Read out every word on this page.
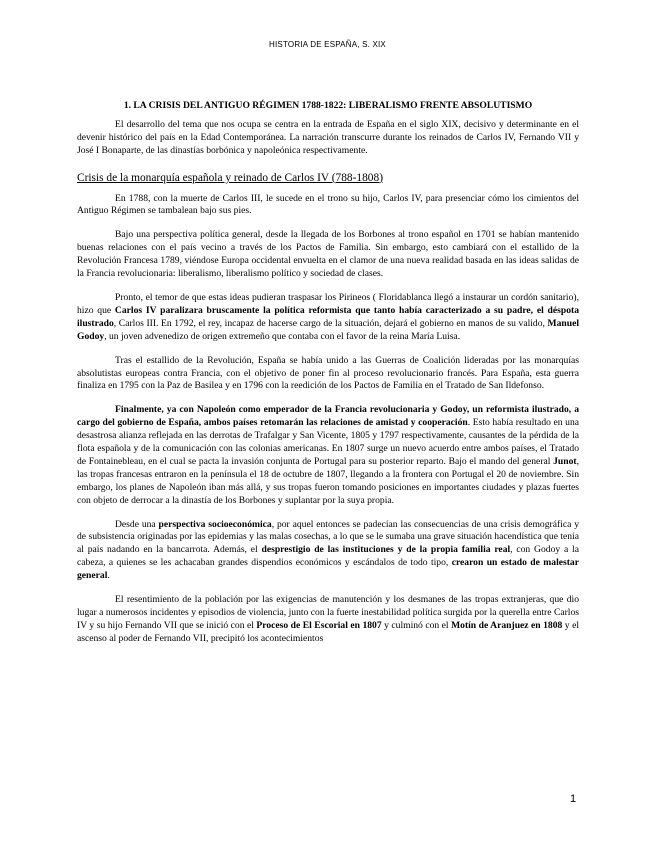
HISTORIA DE ESPAÑA, S. XIX
1. LA CRISIS DEL ANTIGUO RÉGIMEN 1788-1822: LIBERALISMO FRENTE ABSOLUTISMO

El desarrollo del tema que nos ocupa se centra en la entrada de España en el siglo XIX, decisivo y determinante en el devenir histórico del país en la Edad Contemporánea. La narración transcurre durante los reinados de Carlos IV, Fernando VII y José I Bonaparte, de las dinastías borbónica y napoleónica respectivamente.

Crisis de la monarquía española y reinado de Carlos IV (788-1808)

En 1788, con la muerte de Carlos III, le sucede en el trono su hijo, Carlos IV, para presenciar cómo los cimientos del Antiguo Régimen se tambalean bajo sus pies.

Bajo una perspectiva política general, desde la llegada de los Borbones al trono español en 1701 se habían mantenido buenas relaciones con el país vecino a través de los Pactos de Familia. Sin embargo, esto cambiará con el estallido de la Revolución Francesa 1789, viéndose Europa occidental envuelta en el clamor de una nueva realidad basada en las ideas salidas de la Francia revolucionaria: liberalismo, liberalismo político y sociedad de clases.

Pronto, el temor de que estas ideas pudieran traspasar los Pirineos ( Floridablanca llegó a instaurar un cordón sanitario), hizo que Carlos IV paralizara bruscamente la política reformista que tanto había caracterizado a su padre, el déspota ilustrado, Carlos III. En 1792, el rey, incapaz de hacerse cargo de la situación, dejará el gobierno en manos de su valido, Manuel Godoy, un joven advenedizo de origen extremeño que contaba con el favor de la reina María Luisa.

Tras el estallido de la Revolución, España se había unido a las Guerras de Coalición lideradas por las monarquías absolutistas europeas contra Francia, con el objetivo de poner fin al proceso revolucionario francés. Para España, esta guerra finaliza en 1795 con la Paz de Basilea y en 1796 con la reedición de los Pactos de Familia en el Tratado de San Ildefonso.

Finalmente, ya con Napoleón como emperador de la Francia revolucionaria y Godoy, un reformista ilustrado, a cargo del gobierno de España, ambos países retomarán las relaciones de amistad y cooperación. Esto había resultado en una desastrosa alianza reflejada en las derrotas de Trafalgar y San Vicente, 1805 y 1797 respectivamente, causantes de la pérdida de la flota española y de la comunicación con las colonias americanas. En 1807 surge un nuevo acuerdo entre ambos países, el Tratado de Fontainebleau, en el cual se pacta la invasión conjunta de Portugal para su posterior reparto. Bajo el mando del general Junot, las tropas francesas entraron en la península el 18 de octubre de 1807, llegando a la frontera con Portugal el 20 de noviembre. Sin embargo, los planes de Napoleón iban más allá, y sus tropas fueron tomando posiciones en importantes ciudades y plazas fuertes con objeto de derrocar a la dinastía de los Borbones y suplantar por la suya propia.

Desde una perspectiva socioeconómica, por aquel entonces se padecían las consecuencias de una crisis demográfica y de subsistencia originadas por las epidemias y las malas cosechas, a lo que se le sumaba una grave situación hacendística que tenía al país nadando en la bancarrota. Además, el desprestigio de las instituciones y de la propia familia real, con Godoy a la cabeza, a quienes se les achacaban grandes dispendios económicos y escándalos de todo tipo, crearon un estado de malestar general.

El resentimiento de la población por las exigencias de manutención y los desmanes de las tropas extranjeras, que dio lugar a numerosos incidentes y episodios de violencia, junto con la fuerte inestabilidad política surgida por la querella entre Carlos IV y su hijo Fernando VII que se inició con el Proceso de El Escorial en 1807 y culminó con el Motín de Aranjuez en 1808 y el ascenso al poder de Fernando VII, precipitó los acontecimientos

1
